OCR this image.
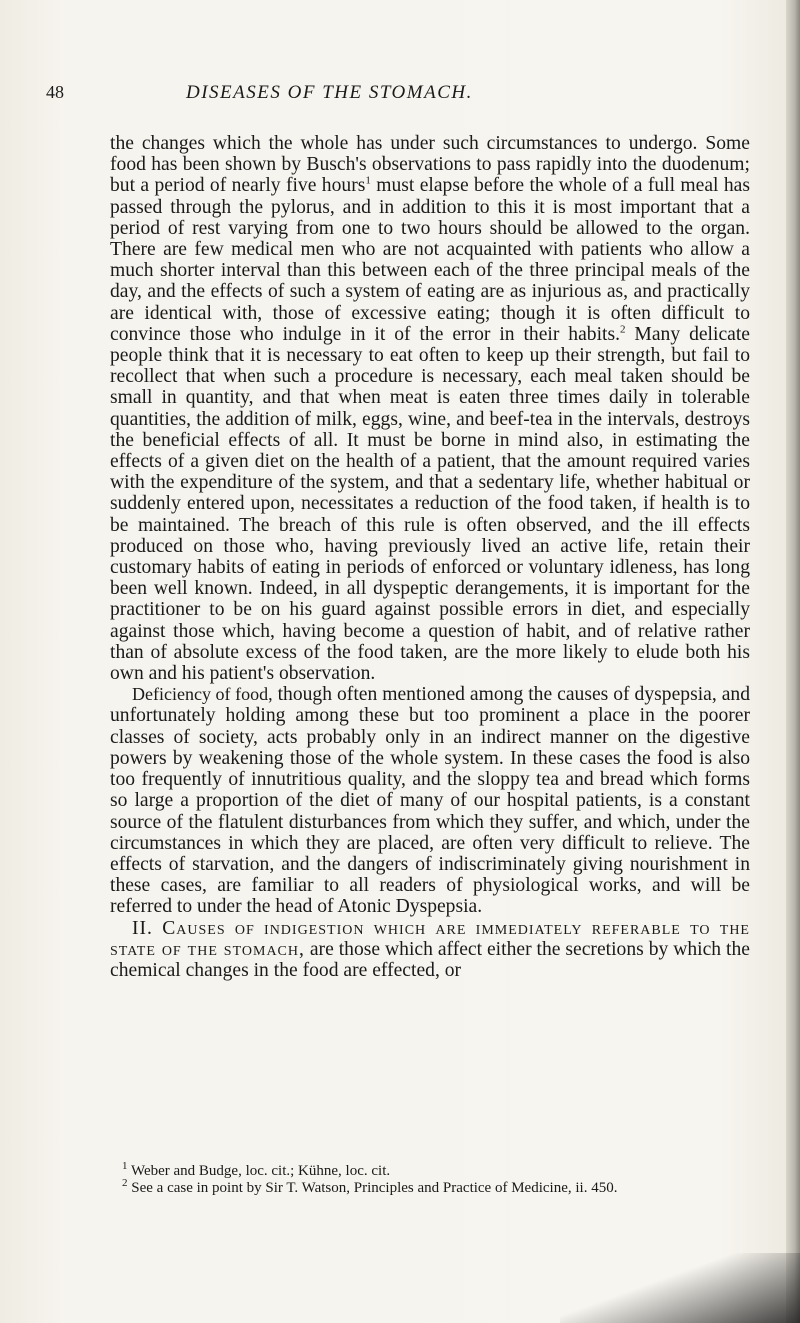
48	DISEASES OF THE STOMACH.

the changes which the whole has under such circumstances to undergo. Some food has been shown by Busch's observations to pass rapidly into the duodenum; but a period of nearly five hours$^1$ must elapse before the whole of a full meal has passed through the pylorus, and in addition to this it is most important that a period of rest varying from one to two hours should be allowed to the organ. There are few medical men who are not acquainted with patients who allow a much shorter interval than this between each of the three principal meals of the day, and the effects of such a system of eating are as injurious as, and practically are identical with, those of excessive eating; though it is often difficult to convince those who indulge in it of the error in their habits.$^2$ Many delicate people think that it is necessary to eat often to keep up their strength, but fail to recollect that when such a procedure is necessary, each meal taken should be small in quantity, and that when meat is eaten three times daily in tolerable quantities, the addition of milk, eggs, wine, and beef-tea in the intervals, destroys the beneficial effects of all. It must be borne in mind also, in estimating the effects of a given diet on the health of a patient, that the amount required varies with the expenditure of the system, and that a sedentary life, whether habitual or suddenly entered upon, necessitates a reduction of the food taken, if health is to be maintained. The breach of this rule is often observed, and the ill effects produced on those who, having previously lived an active life, retain their customary habits of eating in periods of enforced or voluntary idleness, has long been well known. Indeed, in all dyspeptic derangements, it is important for the practitioner to be on his guard against possible errors in diet, and especially against those which, having become a question of habit, and of relative rather than of absolute excess of the food taken, are the more likely to elude both his own and his patient's observation.

Deficiency of food, though often mentioned among the causes of dyspepsia, and unfortunately holding among these but too prominent a place in the poorer classes of society, acts probably only in an indirect manner on the digestive powers by weakening those of the whole system. In these cases the food is also too frequently of innutritious quality, and the sloppy tea and bread which forms so large a proportion of the diet of many of our hospital patients, is a constant source of the flatulent disturbances from which they suffer, and which, under the circumstances in which they are placed, are often very difficult to relieve. The effects of starvation, and the dangers of indiscriminately giving nourishment in these cases, are familiar to all readers of physiological works, and will be referred to under the head of Atonic Dyspepsia.

II. Causes of indigestion which are immediately referable to the state of the stomach, are those which affect either the secretions by which the chemical changes in the food are effected, or

$^1$ Weber and Budge, loc. cit.; Kühne, loc. cit.

$^2$ See a case in point by Sir T. Watson, Principles and Practice of Medicine, ii. 450.
